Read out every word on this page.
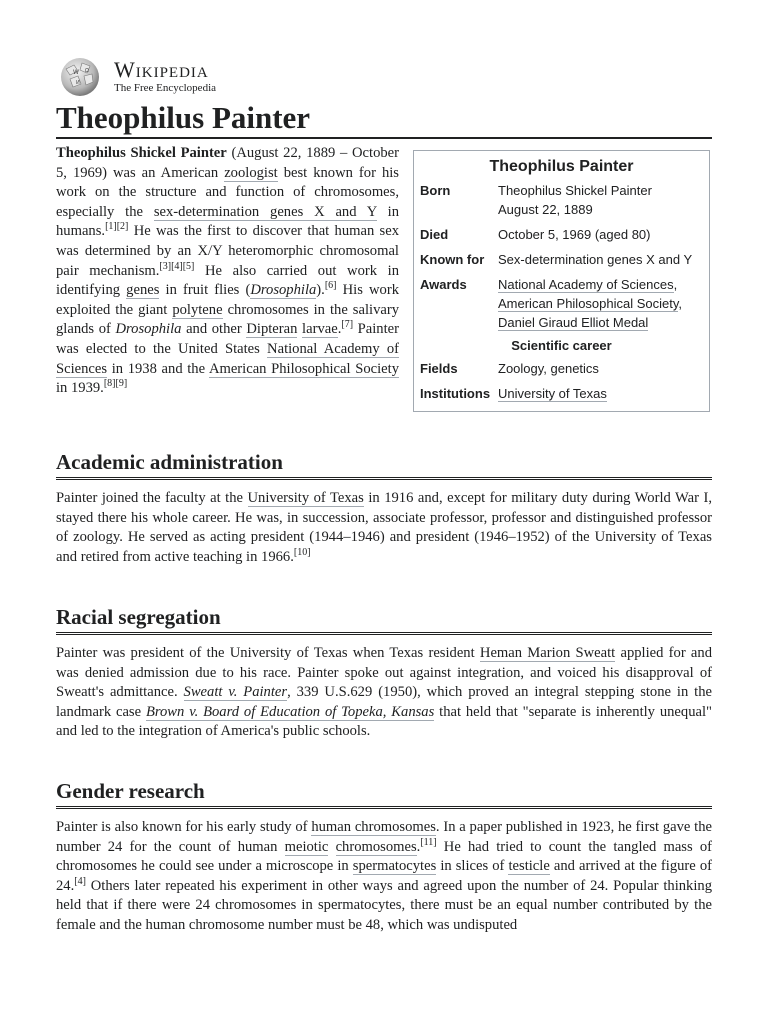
W Ω
И
Wikipedia
The Free Encyclopedia
Theophilus Painter

Theophilus Shickel Painter (August 22, 1889 – October 5, 1969) was an American zoologist best known for his work on the structure and function of chromosomes, especially the sex-determination genes X and Y in humans.[1][2] He was the first to discover that human sex was determined by an X/Y heteromorphic chromosomal pair mechanism.[3][4][5] He also carried out work in identifying genes in fruit flies (Drosophila).[6] His work exploited the giant polytene chromosomes in the salivary glands of Drosophila and other Dipteran larvae.[7] Painter was elected to the United States National Academy of Sciences in 1938 and the American Philosophical Society in 1939.[8][9]

Theophilus Painter
Born	Theophilus Shickel Painter
August 22, 1889
Died	October 5, 1969 (aged 80)
Known for	Sex-determination genes X and Y
Awards	National Academy of Sciences,
American Philosophical Society,
Daniel Giraud Elliot Medal
Scientific career
Fields	Zoology, genetics
Institutions University of Texas
Academic administration

Painter joined the faculty at the University of Texas in 1916 and, except for military duty during World War I, stayed there his whole career. He was, in succession, associate professor, professor and distinguished professor of zoology. He served as acting president (1944–1946) and president (1946–1952) of the University of Texas and retired from active teaching in 1966.[10]

Racial segregation

Painter was president of the University of Texas when Texas resident Heman Marion Sweatt applied for and was denied admission due to his race. Painter spoke out against integration, and voiced his disapproval of Sweatt's admittance. Sweatt v. Painter, 339 U.S.629 (1950), which proved an integral stepping stone in the landmark case Brown v. Board of Education of Topeka, Kansas that held that "separate is inherently unequal" and led to the integration of America's public schools.

Gender research

Painter is also known for his early study of human chromosomes. In a paper published in 1923, he first gave the number 24 for the count of human meiotic chromosomes.[11] He had tried to count the tangled mass of chromosomes he could see under a microscope in spermatocytes in slices of testicle and arrived at the figure of 24.[4] Others later repeated his experiment in other ways and agreed upon the number of 24. Popular thinking held that if there were 24 chromosomes in spermatocytes, there must be an equal number contributed by the female and the human chromosome number must be 48, which was undisputed
